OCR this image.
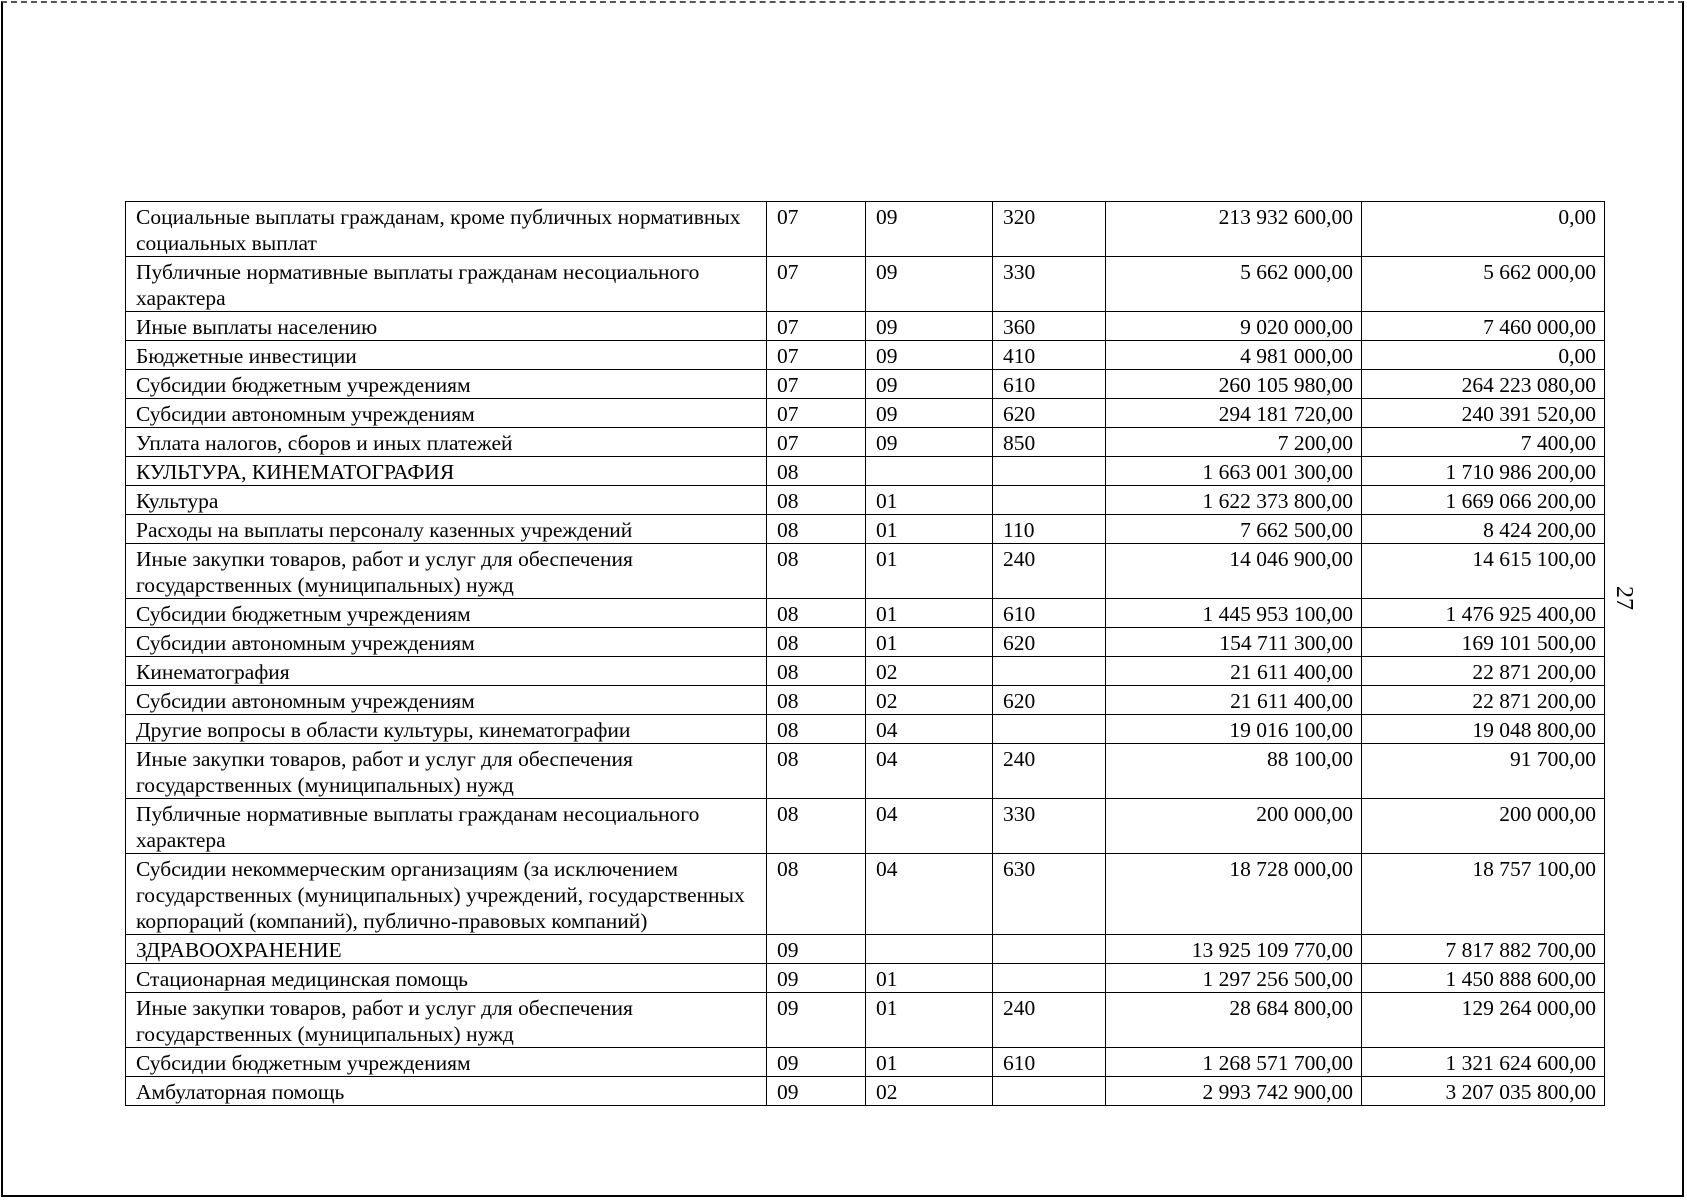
27
Социальные выплаты гражданам, кроме публичных нормативных социальных выплат	07	09	320	213 932 600,00	0,00
Публичные нормативные выплаты гражданам несоциального характера	07	09	330	5 662 000,00	5 662 000,00
Иные выплаты населению	07	09	360	9 020 000,00	7 460 000,00
Бюджетные инвестиции	07	09	410	4 981 000,00	0,00
Субсидии бюджетным учреждениям	07	09	610	260 105 980,00	264 223 080,00
Субсидии автономным учреждениям	07	09	620	294 181 720,00	240 391 520,00
Уплата налогов, сборов и иных платежей	07	09	850	7 200,00	7 400,00
КУЛЬТУРА, КИНЕМАТОГРАФИЯ	08			1 663 001 300,00	1 710 986 200,00
Культура	08	01		1 622 373 800,00	1 669 066 200,00
Расходы на выплаты персоналу казенных учреждений	08	01	110	7 662 500,00	8 424 200,00
Иные закупки товаров, работ и услуг для обеспечения государственных (муниципальных) нужд	08	01	240	14 046 900,00	14 615 100,00
Субсидии бюджетным учреждениям	08	01	610	1 445 953 100,00	1 476 925 400,00
Субсидии автономным учреждениям	08	01	620	154 711 300,00	169 101 500,00
Кинематография	08	02		21 611 400,00	22 871 200,00
Субсидии автономным учреждениям	08	02	620	21 611 400,00	22 871 200,00
Другие вопросы в области культуры, кинематографии	08	04		19 016 100,00	19 048 800,00
Иные закупки товаров, работ и услуг для обеспечения государственных (муниципальных) нужд	08	04	240	88 100,00	91 700,00
Публичные нормативные выплаты гражданам несоциального характера	08	04	330	200 000,00	200 000,00
Субсидии некоммерческим организациям (за исключением государственных (муниципальных) учреждений, государственных корпораций (компаний), публично-правовых компаний)	08	04	630	18 728 000,00	18 757 100,00
ЗДРАВООХРАНЕНИЕ	09			13 925 109 770,00	7 817 882 700,00
Стационарная медицинская помощь	09	01		1 297 256 500,00	1 450 888 600,00
Иные закупки товаров, работ и услуг для обеспечения государственных (муниципальных) нужд	09	01	240	28 684 800,00	129 264 000,00
Субсидии бюджетным учреждениям	09	01	610	1 268 571 700,00	1 321 624 600,00
Амбулаторная помощь	09	02		2 993 742 900,00	3 207 035 800,00
